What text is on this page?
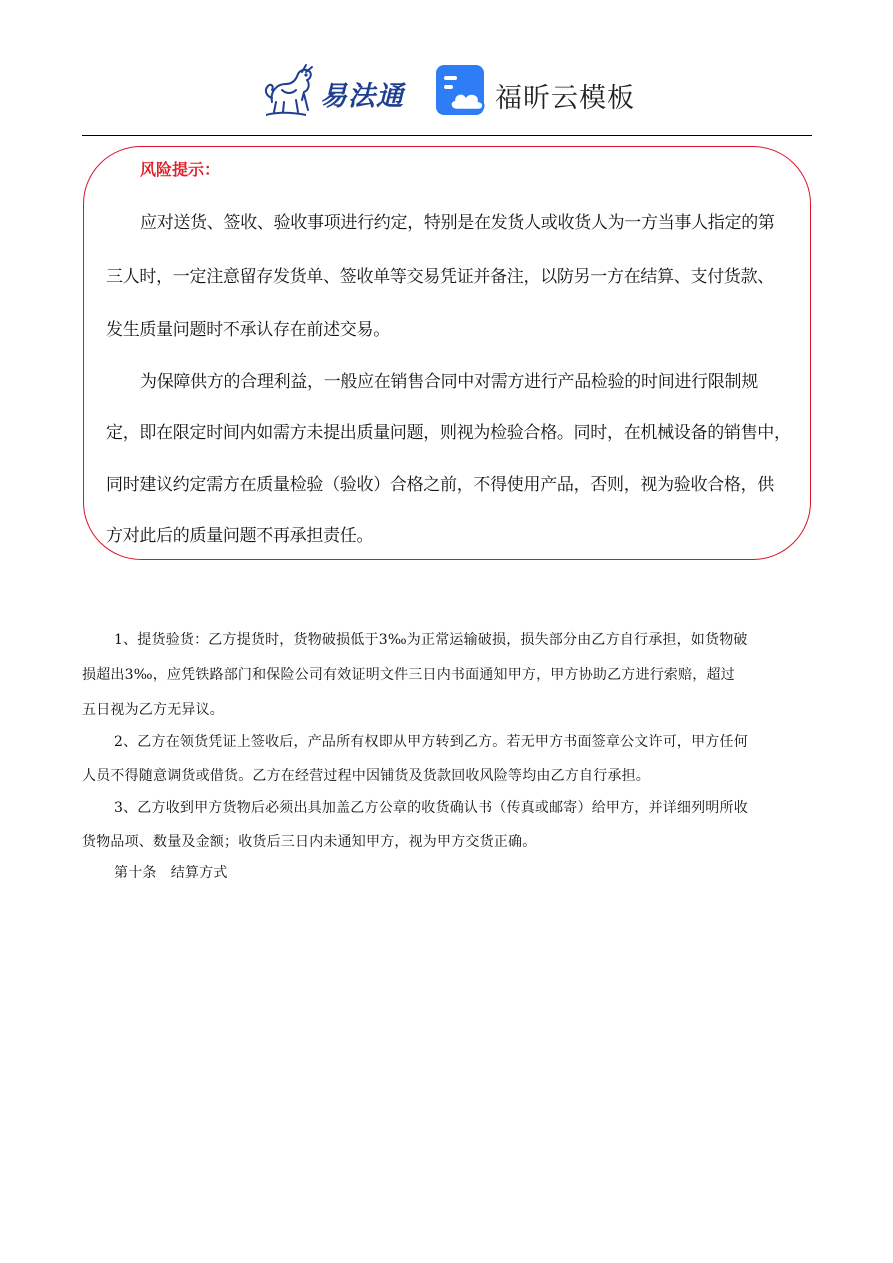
易法通	福昕云模板
风险提示：
应对送货、签收、验收事项进行约定，特别是在发货人或收货人为一方当事人指定的第
三人时，一定注意留存发货单、签收单等交易凭证并备注，以防另一方在结算、支付货款、
发生质量问题时不承认存在前述交易。
为保障供方的合理利益，一般应在销售合同中对需方进行产品检验的时间进行限制规
定，即在限定时间内如需方未提出质量问题，则视为检验合格。同时，在机械设备的销售中，
同时建议约定需方在质量检验（验收）合格之前，不得使用产品，否则，视为验收合格，供
方对此后的质量问题不再承担责任。
1、提货验货：乙方提货时，货物破损低于3‰为正常运输破损，损失部分由乙方自行承担，如货物破
损超出3‰，应凭铁路部门和保险公司有效证明文件三日内书面通知甲方，甲方协助乙方进行索赔，超过
五日视为乙方无异议。
2、乙方在领货凭证上签收后，产品所有权即从甲方转到乙方。若无甲方书面签章公文许可，甲方任何
人员不得随意调货或借货。乙方在经营过程中因铺货及货款回收风险等均由乙方自行承担。
3、乙方收到甲方货物后必须出具加盖乙方公章的收货确认书（传真或邮寄）给甲方，并详细列明所收
货物品项、数量及金额；收货后三日内未通知甲方，视为甲方交货正确。
第十条　结算方式
